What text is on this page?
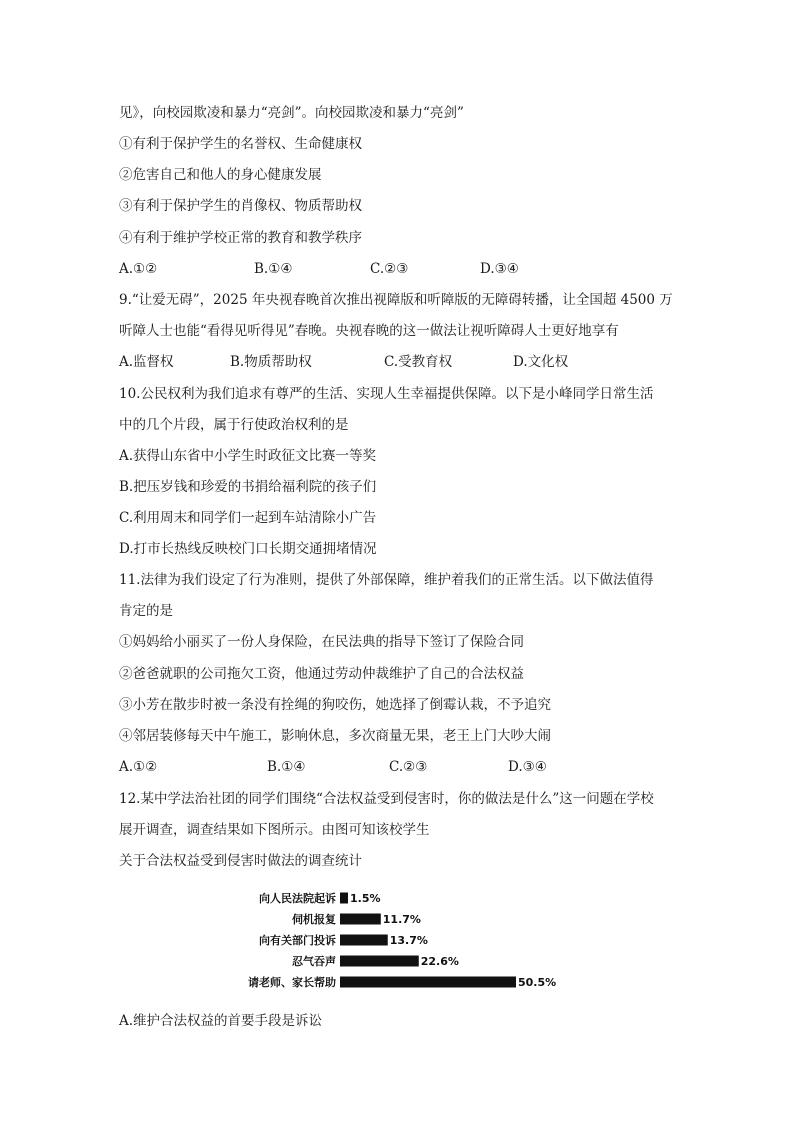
见》，向校园欺凌和暴力“亮剑”。向校园欺凌和暴力“亮剑”
①有利于保护学生的名誉权、生命健康权
②危害自己和他人的身心健康发展
③有利于保护学生的肖像权、物质帮助权
④有利于维护学校正常的教育和教学秩序
A.①②	B.①④	C.②③	D.③④
9.“让爱无碍”，2025 年央视春晚首次推出视障版和听障版的无障碍转播，让全国超 4500 万
听障人士也能“看得见听得见”春晚。央视春晚的这一做法让视听障碍人士更好地享有
A.监督权	B.物质帮助权	C.受教育权	D.文化权
10.公民权利为我们追求有尊严的生活、实现人生幸福提供保障。以下是小峰同学日常生活
中的几个片段，属于行使政治权利的是
A.获得山东省中小学生时政征文比赛一等奖
B.把压岁钱和珍爱的书捐给福利院的孩子们
C.利用周末和同学们一起到车站清除小广告
D.打市长热线反映校门口长期交通拥堵情况
11.法律为我们设定了行为准则，提供了外部保障，维护着我们的正常生活。以下做法值得
肯定的是
①妈妈给小丽买了一份人身保险，在民法典的指导下签订了保险合同
②爸爸就职的公司拖欠工资，他通过劳动仲裁维护了自己的合法权益
③小芳在散步时被一条没有拴绳的狗咬伤，她选择了倒霉认栽，不予追究
④邻居装修每天中午施工，影响休息，多次商量无果，老王上门大吵大闹
A.①②	B.①④	C.②③	D.③④
12.某中学法治社团的同学们围绕“合法权益受到侵害时，你的做法是什么”这一问题在学校
展开调查，调查结果如下图所示。由图可知该校学生
关于合法权益受到侵害时做法的调查统计
向人民法院起诉 1.5%
伺机报复	11.7%
向有关部门投诉	13.7%
忍气吞声	22.6%
请老师、家长帮助	50.5%
A.维护合法权益的首要手段是诉讼
